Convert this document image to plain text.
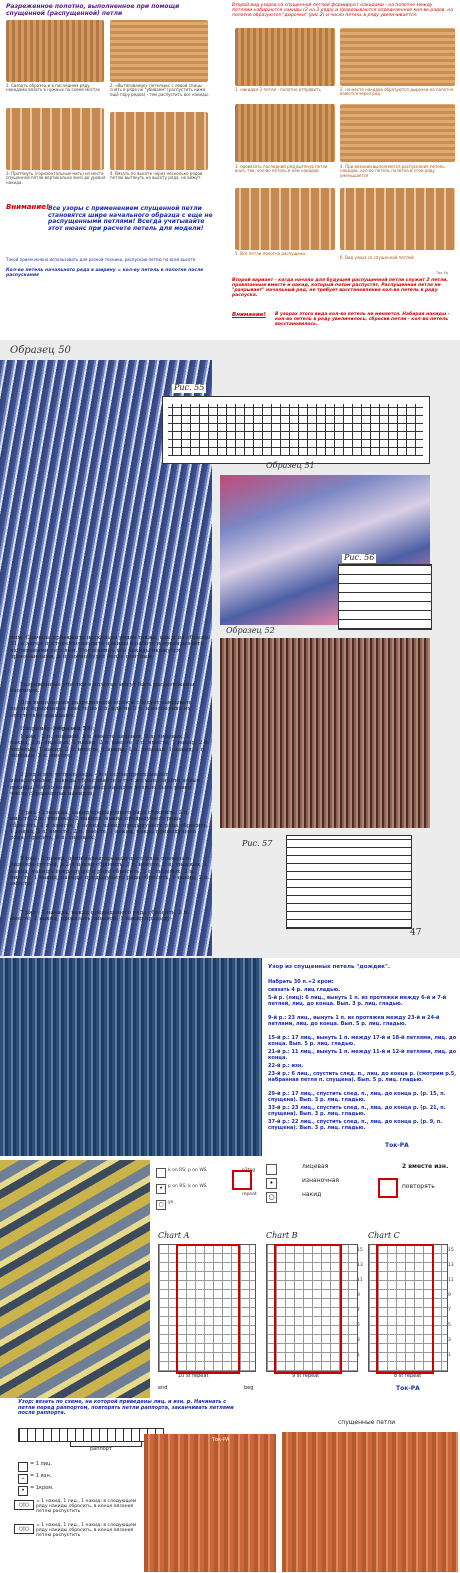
Разреженное полотно, выполненное при помощи спущенной (распущенной) петли

1. Связать образец и в последнем ряду накидами вязать в нужных по схеме местах

2. «Вытягивание» петельки: с левой спицы снять в ряде нё "убиваем" (распустить ниже ещё пару рядов) - тем распустить все накиды.

3. Протянуть (горизонтальные нить) из места спущенной петли вертикально вниз до уровня накида.

4. Вязать по высоте через несколько рядов петлю вытянуть на высоту ряда, не вяжут.

Внимание!

Все узоры с применением спущенной петли становятся шире начального образца с еще не распущенными петлями! Всегда учитывайте этот нюанс при расчете петель для модели!

Такой прием можно использовать для разной техники, распускаю петлю по всей высоте.

Кол-во петель начального ряда в ширину = кол-ву петель в полотне после распускания

Второй вид узоров со спущенной петлей формируют накидами - на полотне между петлями набираются накиды (2 на 3 ряда) и провязываются определенное кол-во рядов, на полотне образуются "дырочки" (рис.2) и число петель в ряду увеличивается:

1. накидом 2 петли - полотно отправить	2. на месте накидов образуются дырочки на полотне вяжется через ряд

3. провязать последний ряд вытянув петли вниз, так, кол-во петель в нём накидов

4. При вязании выполняется распускание петель накидов, кол-во петель полотна в этом ряду уменьшается

5. Все петли полотна распущены

6. Вид узора со спущенной петлей

Второй вариант - когда начало для будущей распущенной петли служит 2 петли, провязанные вместе и накид, который потом распустят. Распущенная петля не "разрывает" начальный ряд, не требует восстановления кол-ва петель в ряду распуска.

Внимание! В узорах этого вида кол-во петель не меняется. Набирая накиды - кол-во петель в ряду увеличилось, сбросив петли - кол-во петель восстановилось.

Ток-Ра
Образец 50
Рис. 55
Образец 51
Рис. 56
Образец 52
Рис. 57

ним. Сначала провяжите несколько рядов также, как и на образце 51, а затем постепенно вводите накиды в работу и провязывайте их лицевыми петлями. Постепенно все накиды окажутся провязанными, и полотно будет более плотным.

Разреженные участки в полотне могут быть расположены хаотично.

Для выполнения разреженной полосы следует закрывать петли, провязывая вместе по 2 п. или по 3 п. и восполняя их отсутствие накидами.

Например (образец 53):

1 ряд - 2 п. лицевой, 3 п. вместе лицевой, 3 п. лицевых, 1 накид, 2 п. лицевых, 1 накид, 2 п. вместе, 2 п. вместе, 1 накид, 2 п. лицевых, 1 накид, 2 п. вместе, 1 накид, 1 п. лицевая, 1 накид, 1 п. лицевая, 2 п. вместе;

2 ряд и все четные ряды - все петли провязывают изнаночными, накиды сбрасывайте и тут же выполняйте новые накиды. Число вновь набранных накидов должно быть равно числу сброшенных накидов;

3 ряд - 2 накида, накид предыдущего ряда сбросить, 2 п. вместе, 2 п. лицевых, 2 накида, накид предыдущего ряда сбросить, 2 п. вместе, 1 накид, накид предыдущего ряда сбросить, 1 накид, 2 п. вместе, 2 п. вместе, 1 накид, накид предыдущего ряда сбросить, 2 п. лицевых;

5 ряд - 1 накид, один накид предыдущего ряда провязать лицевой петлей, а 2-й накид сбросить, 2 п. вместе, 2 п. лицевых, 1 накид, накиды предыдущего ряда сбросить, 2 п. лицевых, 2 п. вместе, 1 накид, накиды предыдущего ряда сбросить, 1 накид, 2 п. вместе;

7 ряд - 2 накида, накид предыдущего ряда сбросить, 2 п. вместе, 1 накид, провязать лицевой, 1 накид предыду-

47

Узор из спущенных петель "дождик".

Набрать 30 п.+2 кром:

связать 4 р. лиц гладью.

5-й р. (лиц): 6 лиц., вынуть 1 п. из протяжки между 6-й и 7-й петлей, лиц. до конца. Вып. 3 р. лиц. гладью.

9-й р.: 23 лиц., вынуть 1 п. из протяжки между 23-й и 24-й петлями, лиц. до конца. Вып. 5 р. лиц. гладью.

15-й р.: 17 лиц., вынуть 1 п. между 17-й и 18-й петлями, лиц. до конца. Вып. 5 р. лиц. гладью.

21-й р.: 11 лиц., вынуть 1 п. между 11-й и 12-й петлями, лиц. до конца.

22-й р.: изн.

23-й р.: 6 лиц., спустить след. п., лиц. до конца р. (смотрим р.5, набранная петля п. спущена). Вып. 5 р. лиц. гладью.

29-й р.: 17 лиц., спустить след. п., лиц. до конца р. (р. 15, п. спущена). Вып. 3 р. лиц. гладью.

33-й р.: 23 лиц., спустить след. п., лиц. до конца р. (р. 21, п. спущена). Вып. 3 р. лиц. гладью.

37-й р.: 22 лиц., спустить след. п., лиц. до конца р. (р. 9, п. спущена). Вып. 3 р. лиц. гладью.

Ток-РА
k on RS; p on WS
•	p on RS; k on WS
○ yo
p2tog
repeat
лицевая
•	изнаночная
○	накид
2 вместе изн.
повторять
Chart A
10 st repeat
end	beg
Chart B
9 st repeat
Chart C
8 st repeat
15
13
11
9
7
5
3
1
15
13
11
9
7
5
3
1
Ток-РА

Узор: вязать по схеме, на которой приведены лиц. и изн. р. Начинать с петли перед раппортом, повторять петли раппорта, заканчивать петлями после раппорта.

раппорт
= 1 лиц.
–	= 1 изн.
•	= 1кром.
○|○

= 1 накид, 1 лиц., 1 накид; в следующем ряду накиды сбросить, в конце вязания петлю распустить

○|○

= 1 накид, 1 лиц., 1 накид; в следующем ряду накиды сбросить, в конце вязания петлю распустить

спущенные петли
Ток-РА
